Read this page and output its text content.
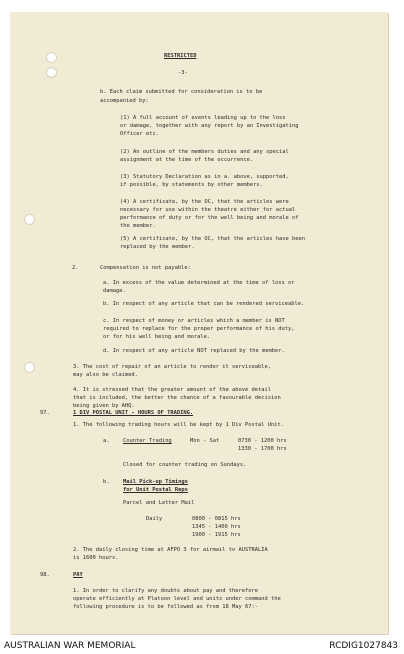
RESTRICTED
-3-
b. Each claim submitted for consideration is to be
accompanied by:
(1) A full account of events leading up to the loss
or damage, together with any report by an Investigating
Officer etc.
(2) An outline of the members duties and any special
assignment at the time of the occurrence.
(3) Statutory Declaration as in a. above, supported,
if possible, by statements by other members.
(4) A certificate, by the OC, that the articles were
necessary for use within the theatre either for actual
performance of duty or for the well being and morale of
the member.
(5) A certificate, by the OC, that the articles have been
replaced by the member.
2.	Compensation is not payable:
a. In excess of the value determined at the time of loss or
damage.
b. In respect of any article that can be rendered serviceable.
c. In respect of money or articles which a member is NOT
required to replace for the proper performance of his duty,
or for his well being and morale.
d. In respect of any article NOT replaced by the member.
3. The cost of repair of an article to render it serviceable,
may also be claimed.
4. It is stressed that the greater amount of the above detail
that is included, the better the chance of a favourable decision
being given by AHQ.
97.	1 DIV POSTAL UNIT - HOURS OF TRADING.
1. The following trading hours will be kept by 1 Div Postal Unit.
a.	Counter Trading	Mon - Sat	0730 - 1200 hrs
1330 - 1700 hrs
Closed for counter trading on Sundays.
b.	Mail Pick-up Timings
for Unit Postal Reps
Parcel and Letter Mail
Daily	0800 - 0815 hrs
1345 - 1400 hrs
1900 - 1915 hrs
2. The daily closing time at AFPO 3 for airmail to AUSTRALIA
is 1600 hours.
98.	PAY
1. In order to clarify any doubts about pay and therefore
operate efficiently at Platoon level and units under command the
following procedure is to be followed as from 18 May 67:-
AUSTRALIAN WAR MEMORIAL	RCDIG1027843
